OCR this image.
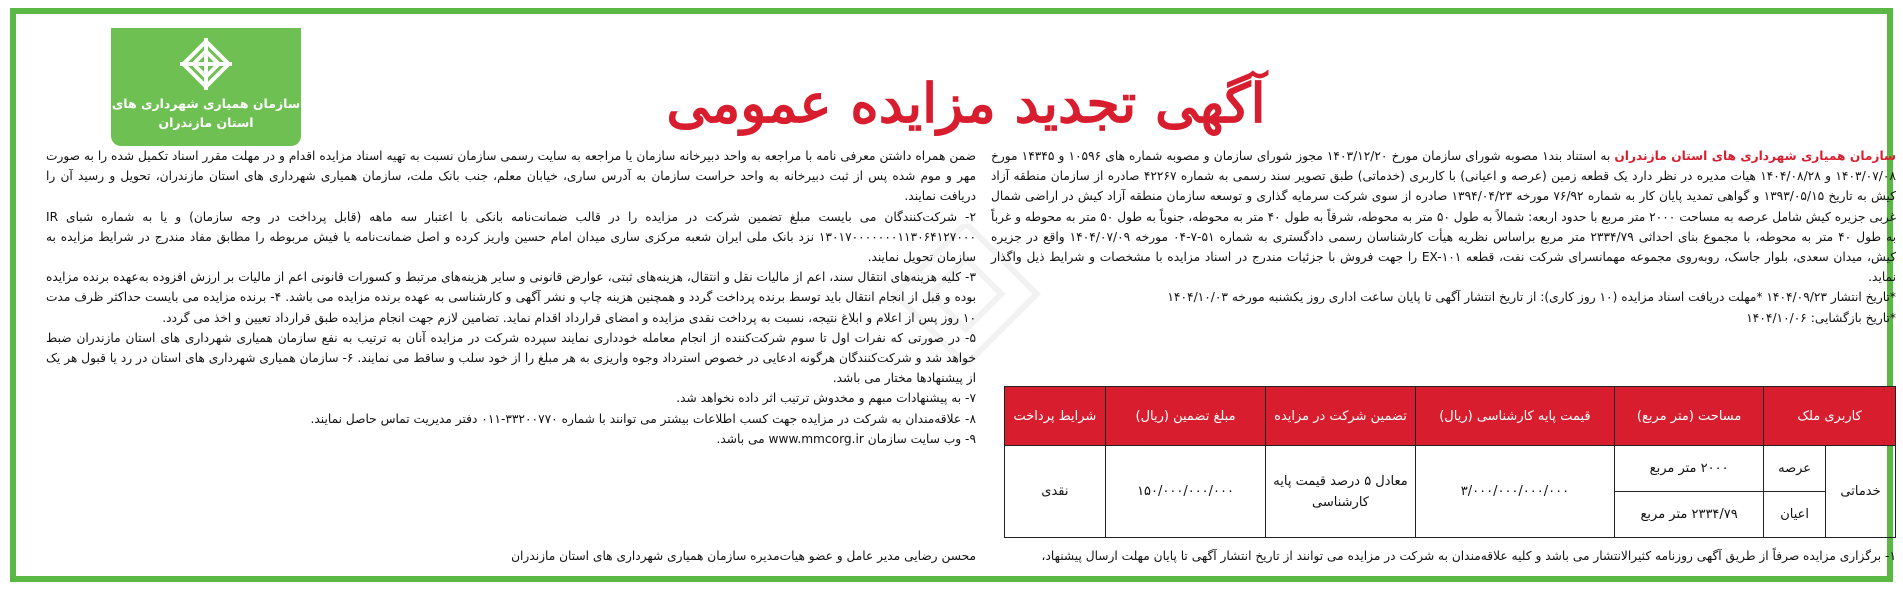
سازمان همیاری شهرداری های
استان مازندران	آگهی تجدید مزایده عمومی

سازمان همیاری شهرداری های استان مازندران به استناد بند۱ مصوبه شورای سازمان مورخ ۱۴۰۳/۱۲/۲۰ مجوز شورای سازمان و مصوبه شماره های ۱۰۵۹۶ و ۱۴۳۴۵ مورخ ۱۴۰۳/۰۷/۰۸ و ۱۴۰۴/۰۸/۲۸ هیات مدیره در نظر دارد یک قطعه زمین (عرصه و اعیانی) با کاربری (خدماتی) طبق تصویر سند رسمی به شماره ۴۲۲۶۷ صادره از سازمان منطقه آزاد کیش به تاریخ ۱۳۹۳/۰۵/۱۵ و گواهی تمدید پایان کار به شماره ۷۶/۹۲ مورخه ۱۳۹۴/۰۴/۲۳ صادره از سوی شرکت سرمایه گذاری و توسعه سازمان منطقه آزاد کیش در اراضی شمال غربی جزیره کیش شامل عرصه به مساحت ۲۰۰۰ متر مربع با حدود اربعه: شمالاً به طول ۵۰ متر به محوطه، شرقاً به طول ۴۰ متر به محوطه، جنوباً به طول ۵۰ متر به محوطه و غرباً به طول ۴۰ متر به محوطه، با مجموع بنای احداثی ۲۳۳۴/۷۹ متر مربع براساس نظریه هیأت کارشناسان رسمی دادگستری به شماره ۵۱-۷-۰۴ مورخه ۱۴۰۴/۰۷/۰۹ واقع در جزیره کیش، میدان سعدی، بلوار جاسک، روبه‌روی مجموعه مهمانسرای شرکت نفت، قطعه EX-۱۰۱ را جهت فروش با جزئیات مندرج در اسناد مزایده با مشخصات و شرایط ذیل واگذار نماید.

*تاریخ انتشار ۱۴۰۴/۰۹/۲۳ *مهلت دریافت اسناد مزایده (۱۰ روز کاری): از تاریخ انتشار آگهی تا پایان ساعت اداری روز یکشنبه مورخه ۱۴۰۴/۱۰/۰۳

*تاریخ بازگشایی: ۱۴۰۴/۱۰/۰۶

کاربری ملک		مساحت (متر مربع)	قیمت پایه کارشناسی (ریال)	تضمین شرکت در مزایده	مبلغ تضمین (ریال)	شرایط پرداخت
خدماتی	عرصه	۲۰۰۰ متر مربع	۳/۰۰۰/۰۰۰/۰۰۰/۰۰۰	معادل ۵ درصد قیمت پایه کارشناسی	۱۵۰/۰۰۰/۰۰۰/۰۰۰	نقدی
	اعیان	۲۳۳۴/۷۹ متر مربع				
۱- برگزاری مزایده صرفاً از طریق آگهی روزنامه کثیرالانتشار می باشد و کلیه علاقه‌مندان به شرکت در مزایده می توانند از تاریخ انتشار آگهی تا پایان مهلت ارسال پیشنهاد،

ضمن همراه داشتن معرفی نامه با مراجعه به واحد دبیرخانه سازمان یا مراجعه به سایت رسمی سازمان نسبت به تهیه اسناد مزایده اقدام و در مهلت مقرر اسناد تکمیل شده را به صورت مهر و موم شده پس از ثبت دبیرخانه به واحد حراست سازمان به آدرس ساری، خیابان معلم، جنب بانک ملت، سازمان همیاری شهرداری های استان مازندران، تحویل و رسید آن را دریافت نمایند.

۲- شرکت‌کنندگان می بایست مبلغ تضمین شرکت در مزایده را در قالب ضمانت‌نامه بانکی با اعتبار سه ماهه (قابل پرداخت در وجه سازمان) و یا به شماره شبای IR ۱۳۰۱۷۰۰۰۰۰۰۰۱۱۳۰۶۴۱۲۷۰۰۰ نزد بانک ملی ایران شعبه مرکزی ساری میدان امام حسین واریز کرده و اصل ضمانت‌نامه یا فیش مربوطه را مطابق مفاد مندرج در شرایط مزایده به سازمان تحویل نمایند.

۳- کلیه هزینه‌های انتقال سند، اعم از مالیات نقل و انتقال، هزینه‌های ثبتی، عوارض قانونی و سایر هزینه‌های مرتبط و کسورات قانونی اعم از مالیات بر ارزش افزوده به‌عهده برنده مزایده بوده و قبل از انجام انتقال باید توسط برنده پرداخت گردد و همچنین هزینه چاپ و نشر آگهی و کارشناسی به عهده برنده مزایده می باشد. ۴- برنده مزایده می بایست حداکثر ظرف مدت ۱۰ روز پس از اعلام و ابلاغ نتیجه، نسبت به پرداخت نقدی مزایده و امضای قرارداد اقدام نماید. تضامین لازم جهت انجام مزایده طبق قرارداد تعیین و اخذ می گردد.

۵- در صورتی که نفرات اول تا سوم شرکت‌کننده از انجام معامله خودداری نمایند سپرده شرکت در مزایده آنان به ترتیب به نفع سازمان همیاری شهرداری های استان مازندران ضبط خواهد شد و شرکت‌کنندگان هرگونه ادعایی در خصوص استرداد وجوه واریزی به هر مبلغ را از خود سلب و ساقط می نمایند. ۶- سازمان همیاری شهرداری های استان در رد یا قبول هر یک از پیشنهادها مختار می باشد.

۷- به پیشنهادات مبهم و مخدوش ترتیب اثر داده نخواهد شد.

۸- علاقه‌مندان به شرکت در مزایده جهت کسب اطلاعات بیشتر می توانند با شماره ۳۳۲۰۰۷۷۰-۰۱۱ دفتر مدیریت تماس حاصل نمایند.

۹- وب سایت سازمان www.mmcorg.ir می باشد.

محسن رضایی مدیر عامل و عضو هیات‌مدیره سازمان همیاری شهرداری های استان مازندران
